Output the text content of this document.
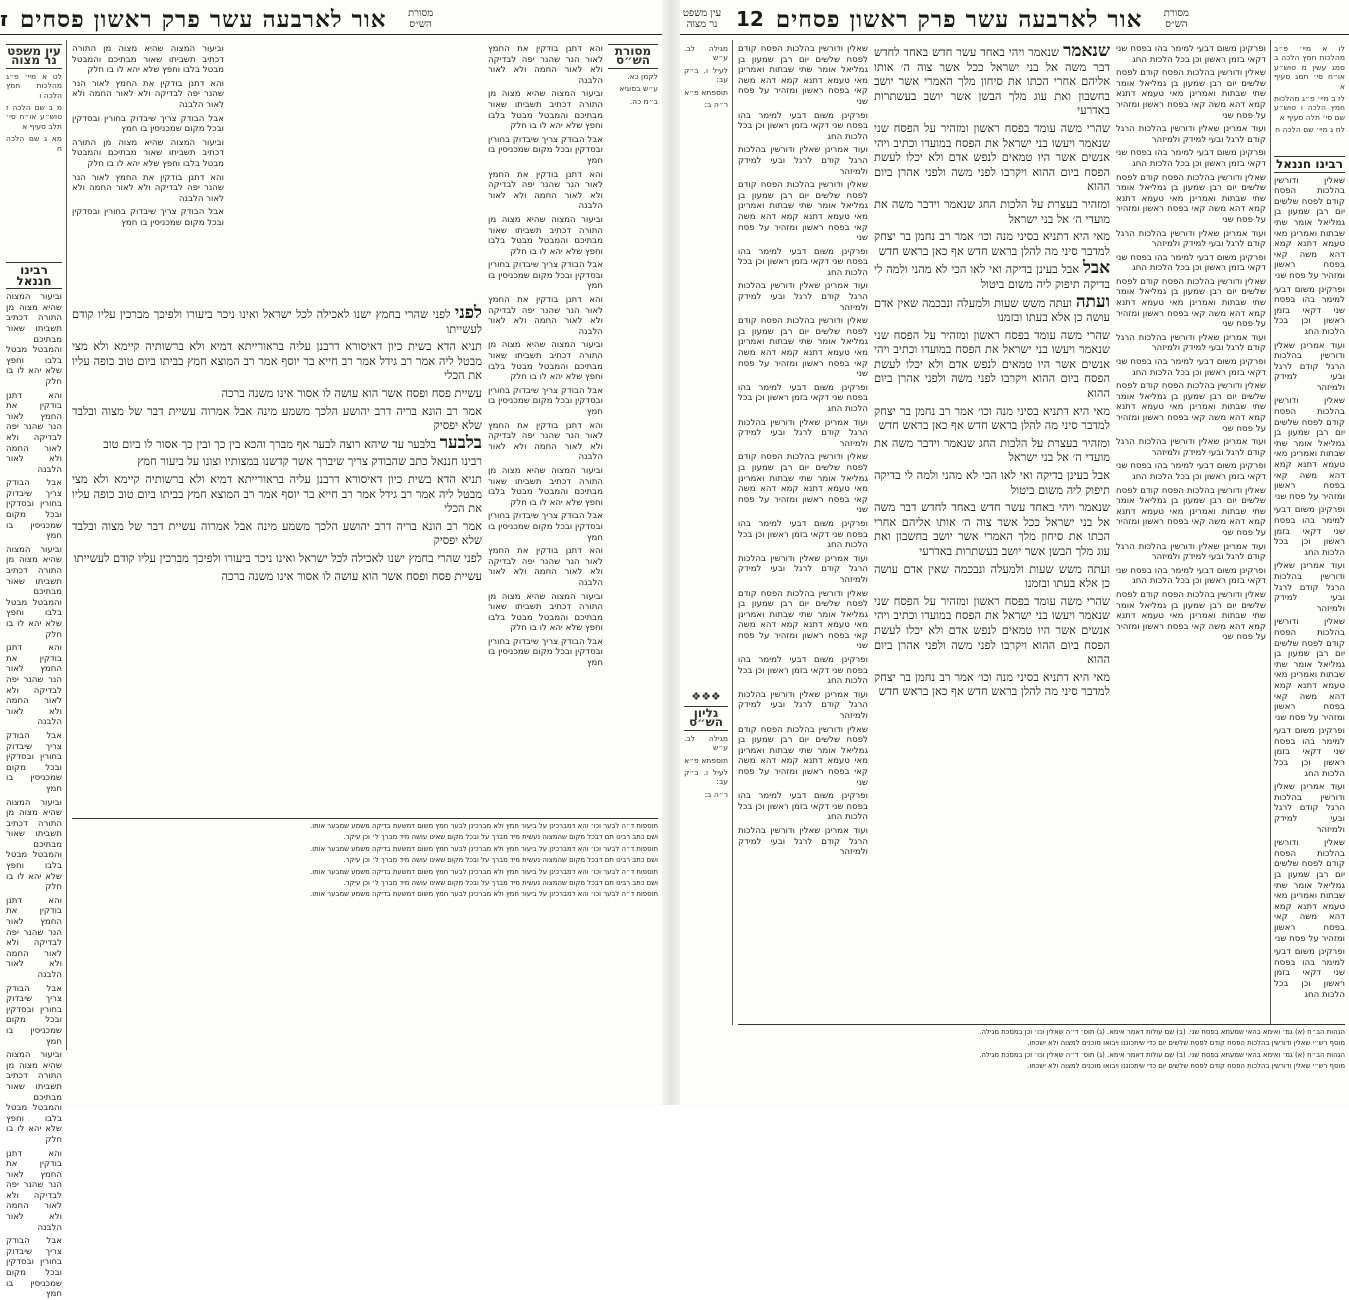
ז אור לארבעה עשר פרק ראשון פסחים	מסורת הש״ס

עין משפט נר מצוה

לט א מיי׳ פ״ג מהלכות חמץ הלכה ו

מ ב שם הלכה ז טוש״ע או״ח סי׳ תלב סעיף א

מא ג שם הלכה ח

רבינו חננאל

וביעור המצוה שהיא מצוה מן התורה דכתיב תשביתו שאור מבתיכם והמבטל מבטל בלבו וחפץ שלא יהא לו בו חלק

והא דתנן בודקין את החמץ לאור הנר שהנר יפה לבדיקה ולא לאור החמה ולא לאור הלבנה

אבל הבודק צריך שיבדוק בחורין ובסדקין ובכל מקום שמכניסין בו חמץ

וביעור המצוה שהיא מצוה מן התורה דכתיב תשביתו שאור מבתיכם והמבטל מבטל בלבו וחפץ שלא יהא לו בו חלק

והא דתנן בודקין את החמץ לאור הנר שהנר יפה לבדיקה ולא לאור החמה ולא לאור הלבנה

אבל הבודק צריך שיבדוק בחורין ובסדקין ובכל מקום שמכניסין בו חמץ

וביעור המצוה שהיא מצוה מן התורה דכתיב תשביתו שאור מבתיכם והמבטל מבטל בלבו וחפץ שלא יהא לו בו חלק

והא דתנן בודקין את החמץ לאור הנר שהנר יפה לבדיקה ולא לאור החמה ולא לאור הלבנה

אבל הבודק צריך שיבדוק בחורין ובסדקין ובכל מקום שמכניסין בו חמץ

וביעור המצוה שהיא מצוה מן התורה דכתיב תשביתו שאור מבתיכם והמבטל מבטל בלבו וחפץ שלא יהא לו בו חלק

והא דתנן בודקין את החמץ לאור הנר שהנר יפה לבדיקה ולא לאור החמה ולא לאור הלבנה

אבל הבודק צריך שיבדוק בחורין ובסדקין ובכל מקום שמכניסין בו חמץ

וביעור המצוה שהיא מצוה מן התורה דכתיב תשביתו שאור מבתיכם והמבטל מבטל בלבו וחפץ שלא יהא לו בו חלק

והא דתנן בודקין את החמץ לאור הנר שהנר יפה לבדיקה ולא לאור החמה ולא לאור הלבנה

אבל הבודק צריך שיבדוק בחורין ובסדקין ובכל מקום שמכניסין בו חמץ

וביעור המצוה שהיא מצוה מן התורה דכתיב תשביתו שאור מבתיכם והמבטל מבטל בלבו וחפץ שלא יהא לו בו חלק

והא דתנן בודקין את החמץ לאור הנר שהנר יפה לבדיקה ולא לאור החמה ולא לאור הלבנה

אבל הבודק צריך שיבדוק בחורין ובסדקין ובכל מקום שמכניסין בו חמץ

לפני לפני שהרי בחמץ ישנו לאכילה לכל ישראל ואינו ניכר ביעורו ולפיכך מברכין עליו קודם לעשייתו

תניא הדא בשית כיון דאיסורא דרבנן עליה בראורייתא דמיא ולא ברשותיה קיימא ולא מצי מבטל ליה אמר רב גידל אמר רב חייא בר יוסף אמר רב המוצא חמץ בביתו ביום טוב כופה עליו את הכלי

עשיית פסח ופסח אשר הוא עושה לו אסור אינו משנה ברכה

אמר רב הונא בריה דרב יהושע הלכך משמע מינה אבל אמרוה עשיית דבר של מצוה ובלבד שלא יפסיק

בלבער בלבער עד שיהא רוצה לבער אף מברך והכא בין כך ובין כך אסור לו ביום טוב

רבינו חננאל כתב שהבודק צריך שיברך אשר קדשנו במצותיו וצונו על ביעור חמץ

תניא הדא בשית כיון דאיסורא דרבנן עליה בראורייתא דמיא ולא ברשותיה קיימא ולא מצי מבטל ליה אמר רב גידל אמר רב חייא בר יוסף אמר רב המוצא חמץ בביתו ביום טוב כופה עליו את הכלי

אמר רב הונא בריה דרב יהושע הלכך משמע מינה אבל אמרוה עשיית דבר של מצוה ובלבד שלא יפסיק

לפני שהרי בחמץ ישנו לאכילה לכל ישראל ואינו ניכר ביעורו ולפיכך מברכין עליו קודם לעשייתו

עשיית פסח ופסח אשר הוא עושה לו אסור אינו משנה ברכה

והא דתנן בודקין את החמץ לאור הנר שהנר יפה לבדיקה ולא לאור החמה ולא לאור הלבנה

וביעור המצוה שהיא מצוה מן התורה דכתיב תשביתו שאור מבתיכם והמבטל מבטל בלבו וחפץ שלא יהא לו בו חלק

אבל הבודק צריך שיבדוק בחורין ובסדקין ובכל מקום שמכניסין בו חמץ

והא דתנן בודקין את החמץ לאור הנר שהנר יפה לבדיקה ולא לאור החמה ולא לאור הלבנה

וביעור המצוה שהיא מצוה מן התורה דכתיב תשביתו שאור מבתיכם והמבטל מבטל בלבו וחפץ שלא יהא לו בו חלק

אבל הבודק צריך שיבדוק בחורין ובסדקין ובכל מקום שמכניסין בו חמץ

והא דתנן בודקין את החמץ לאור הנר שהנר יפה לבדיקה ולא לאור החמה ולא לאור הלבנה

וביעור המצוה שהיא מצוה מן התורה דכתיב תשביתו שאור מבתיכם והמבטל מבטל בלבו וחפץ שלא יהא לו בו חלק

אבל הבודק צריך שיבדוק בחורין ובסדקין ובכל מקום שמכניסין בו חמץ

והא דתנן בודקין את החמץ לאור הנר שהנר יפה לבדיקה ולא לאור החמה ולא לאור הלבנה

וביעור המצוה שהיא מצוה מן התורה דכתיב תשביתו שאור מבתיכם והמבטל מבטל בלבו וחפץ שלא יהא לו בו חלק

אבל הבודק צריך שיבדוק בחורין ובסדקין ובכל מקום שמכניסין בו חמץ

והא דתנן בודקין את החמץ לאור הנר שהנר יפה לבדיקה ולא לאור החמה ולא לאור הלבנה

וביעור המצוה שהיא מצוה מן התורה דכתיב תשביתו שאור מבתיכם והמבטל מבטל בלבו וחפץ שלא יהא לו בו חלק

אבל הבודק צריך שיבדוק בחורין ובסדקין ובכל מקום שמכניסין בו חמץ

מסורת הש״ס

לקמן כא.

ע״ש בסוגיא

ב״מ כה.

תוספות ד״ה לבער וכו׳ והא דמברכינן על ביעור חמץ ולא מברכינן לבער חמץ משום דמשעת בדיקה משמע שמבער אותו.

ושם כתב רבינו תם דבכל מקום שהמצוה נעשית מיד מברך על ובכל מקום שאינו עושה מיד מברך ל׳ וכן עיקר.

תוספות ד״ה לבער וכו׳ והא דמברכינן על ביעור חמץ ולא מברכינן לבער חמץ משום דמשעת בדיקה משמע שמבער אותו.

ושם כתב רבינו תם דבכל מקום שהמצוה נעשית מיד מברך על ובכל מקום שאינו עושה מיד מברך ל׳ וכן עיקר.

תוספות ד״ה לבער וכו׳ והא דמברכינן על ביעור חמץ ולא מברכינן לבער חמץ משום דמשעת בדיקה משמע שמבער אותו.

ושם כתב רבינו תם דבכל מקום שהמצוה נעשית מיד מברך על ובכל מקום שאינו עושה מיד מברך ל׳ וכן עיקר.

תוספות ד״ה לבער וכו׳ והא דמברכינן על ביעור חמץ ולא מברכינן לבער חמץ משום דמשעת בדיקה משמע שמבער אותו.

עין משפט נר מצוה 12 אור לארבעה עשר פרק ראשון פסחים	מסורת הש״ס

מגילה לב. ע״ש

לעיל ו. ב״ק עב:

תוספתא פ״א

ר״ה ב:

❖❖❖

גליון הש״ס

מגילה לב. ע״ש

תוספתא פ״א

לעיל ו. ב״ק עב:

ר״ה ב:

שאלין ודורשין בהלכות הפסח קודם לפסח שלשים יום רבן שמעון בן גמליאל אומר שתי שבתות ואמרינן מאי טעמא דתנא קמא דהא משה קאי בפסח ראשון ומזהיר על פסח שני

ופרקינן משום דבעי למימר בהו בפסח שני דקאי בזמן ראשון וכן בכל הלכות החג

ועוד אמרינן שאלין ודורשין בהלכות הרגל קודם לרגל ובעי למידק ולמיזהר

שאלין ודורשין בהלכות הפסח קודם לפסח שלשים יום רבן שמעון בן גמליאל אומר שתי שבתות ואמרינן מאי טעמא דתנא קמא דהא משה קאי בפסח ראשון ומזהיר על פסח שני

ופרקינן משום דבעי למימר בהו בפסח שני דקאי בזמן ראשון וכן בכל הלכות החג

ועוד אמרינן שאלין ודורשין בהלכות הרגל קודם לרגל ובעי למידק ולמיזהר

שאלין ודורשין בהלכות הפסח קודם לפסח שלשים יום רבן שמעון בן גמליאל אומר שתי שבתות ואמרינן מאי טעמא דתנא קמא דהא משה קאי בפסח ראשון ומזהיר על פסח שני

ופרקינן משום דבעי למימר בהו בפסח שני דקאי בזמן ראשון וכן בכל הלכות החג

ועוד אמרינן שאלין ודורשין בהלכות הרגל קודם לרגל ובעי למידק ולמיזהר

שאלין ודורשין בהלכות הפסח קודם לפסח שלשים יום רבן שמעון בן גמליאל אומר שתי שבתות ואמרינן מאי טעמא דתנא קמא דהא משה קאי בפסח ראשון ומזהיר על פסח שני

ופרקינן משום דבעי למימר בהו בפסח שני דקאי בזמן ראשון וכן בכל הלכות החג

ועוד אמרינן שאלין ודורשין בהלכות הרגל קודם לרגל ובעי למידק ולמיזהר

שאלין ודורשין בהלכות הפסח קודם לפסח שלשים יום רבן שמעון בן גמליאל אומר שתי שבתות ואמרינן מאי טעמא דתנא קמא דהא משה קאי בפסח ראשון ומזהיר על פסח שני

ופרקינן משום דבעי למימר בהו בפסח שני דקאי בזמן ראשון וכן בכל הלכות החג

ועוד אמרינן שאלין ודורשין בהלכות הרגל קודם לרגל ובעי למידק ולמיזהר

שאלין ודורשין בהלכות הפסח קודם לפסח שלשים יום רבן שמעון בן גמליאל אומר שתי שבתות ואמרינן מאי טעמא דתנא קמא דהא משה קאי בפסח ראשון ומזהיר על פסח שני

ופרקינן משום דבעי למימר בהו בפסח שני דקאי בזמן ראשון וכן בכל הלכות החג

ועוד אמרינן שאלין ודורשין בהלכות הרגל קודם לרגל ובעי למידק ולמיזהר

שנאמר שנאמר ויהי באחד עשר חדש באחד לחדש דבר משה אל בני ישראל ככל אשר צוה ה׳ אותו אליהם אחרי הכתו את סיחון מלך האמרי אשר יושב בחשבון ואת עוג מלך הבשן אשר יושב בעשתרות באדרעי

שהרי משה עומד בפסח ראשון ומזהיר על הפסח שני שנאמר ויעשו בני ישראל את הפסח במועדו וכתיב ויהי אנשים אשר היו טמאים לנפש אדם ולא יכלו לעשת הפסח ביום ההוא ויקרבו לפני משה ולפני אהרן ביום ההוא

ומזהיר בעצרת על הלכות החג שנאמר וידבר משה את מועדי ה׳ אל בני ישראל

מאי היא דתניא בסיני מנה וכו׳ אמר רב נחמן בר יצחק למדבר סיני מה להלן בראש חדש אף כאן בראש חדש

אבל אבל בעינן בדיקה ואי לאו הכי לא מהני ולמה לי בדיקה תיפוק ליה משום ביטול

ועתה ועתה משש שעות ולמעלה ונבכמה שאין אדם עושה כן אלא בעתו ובזמנו

שהרי משה עומד בפסח ראשון ומזהיר על הפסח שני שנאמר ויעשו בני ישראל את הפסח במועדו וכתיב ויהי אנשים אשר היו טמאים לנפש אדם ולא יכלו לעשת הפסח ביום ההוא ויקרבו לפני משה ולפני אהרן ביום ההוא

מאי היא דתניא בסיני מנה וכו׳ אמר רב נחמן בר יצחק למדבר סיני מה להלן בראש חדש אף כאן בראש חדש

ומזהיר בעצרת על הלכות החג שנאמר וידבר משה את מועדי ה׳ אל בני ישראל

אבל בעינן בדיקה ואי לאו הכי לא מהני ולמה לי בדיקה תיפוק ליה משום ביטול

שנאמר ויהי באחד עשר חדש באחד לחדש דבר משה אל בני ישראל ככל אשר צוה ה׳ אותו אליהם אחרי הכתו את סיחון מלך האמרי אשר יושב בחשבון ואת עוג מלך הבשן אשר יושב בעשתרות באדרעי

ועתה משש שעות ולמעלה ונבכמה שאין אדם עושה כן אלא בעתו ובזמנו

שהרי משה עומד בפסח ראשון ומזהיר על הפסח שני שנאמר ויעשו בני ישראל את הפסח במועדו וכתיב ויהי אנשים אשר היו טמאים לנפש אדם ולא יכלו לעשת הפסח ביום ההוא ויקרבו לפני משה ולפני אהרן ביום ההוא

מאי היא דתניא בסיני מנה וכו׳ אמר רב נחמן בר יצחק למדבר סיני מה להלן בראש חדש אף כאן בראש חדש

ופרקינן משום דבעי למימר בהו בפסח שני דקאי בזמן ראשון וכן בכל הלכות החג

שאלין ודורשין בהלכות הפסח קודם לפסח שלשים יום רבן שמעון בן גמליאל אומר שתי שבתות ואמרינן מאי טעמא דתנא קמא דהא משה קאי בפסח ראשון ומזהיר על פסח שני

ועוד אמרינן שאלין ודורשין בהלכות הרגל קודם לרגל ובעי למידק ולמיזהר

ופרקינן משום דבעי למימר בהו בפסח שני דקאי בזמן ראשון וכן בכל הלכות החג

שאלין ודורשין בהלכות הפסח קודם לפסח שלשים יום רבן שמעון בן גמליאל אומר שתי שבתות ואמרינן מאי טעמא דתנא קמא דהא משה קאי בפסח ראשון ומזהיר על פסח שני

ועוד אמרינן שאלין ודורשין בהלכות הרגל קודם לרגל ובעי למידק ולמיזהר

ופרקינן משום דבעי למימר בהו בפסח שני דקאי בזמן ראשון וכן בכל הלכות החג

שאלין ודורשין בהלכות הפסח קודם לפסח שלשים יום רבן שמעון בן גמליאל אומר שתי שבתות ואמרינן מאי טעמא דתנא קמא דהא משה קאי בפסח ראשון ומזהיר על פסח שני

ועוד אמרינן שאלין ודורשין בהלכות הרגל קודם לרגל ובעי למידק ולמיזהר

ופרקינן משום דבעי למימר בהו בפסח שני דקאי בזמן ראשון וכן בכל הלכות החג

שאלין ודורשין בהלכות הפסח קודם לפסח שלשים יום רבן שמעון בן גמליאל אומר שתי שבתות ואמרינן מאי טעמא דתנא קמא דהא משה קאי בפסח ראשון ומזהיר על פסח שני

ועוד אמרינן שאלין ודורשין בהלכות הרגל קודם לרגל ובעי למידק ולמיזהר

ופרקינן משום דבעי למימר בהו בפסח שני דקאי בזמן ראשון וכן בכל הלכות החג

שאלין ודורשין בהלכות הפסח קודם לפסח שלשים יום רבן שמעון בן גמליאל אומר שתי שבתות ואמרינן מאי טעמא דתנא קמא דהא משה קאי בפסח ראשון ומזהיר על פסח שני

ועוד אמרינן שאלין ודורשין בהלכות הרגל קודם לרגל ובעי למידק ולמיזהר

ופרקינן משום דבעי למימר בהו בפסח שני דקאי בזמן ראשון וכן בכל הלכות החג

שאלין ודורשין בהלכות הפסח קודם לפסח שלשים יום רבן שמעון בן גמליאל אומר שתי שבתות ואמרינן מאי טעמא דתנא קמא דהא משה קאי בפסח ראשון ומזהיר על פסח שני

לו א מיי׳ פ״ב מהלכות חמץ הלכה ב סמג עשין מ טוש״ע או״ח סי׳ תמג סעיף א

לז ב מיי׳ פ״ג מהלכות חמץ הלכה ו טוש״ע שם סי׳ תלה סעיף א

לח ג מיי׳ שם הלכה ח

רבינו חננאל

שאלין ודורשין בהלכות הפסח קודם לפסח שלשים יום רבן שמעון בן גמליאל אומר שתי שבתות ואמרינן מאי טעמא דתנא קמא דהא משה קאי בפסח ראשון ומזהיר על פסח שני

ופרקינן משום דבעי למימר בהו בפסח שני דקאי בזמן ראשון וכן בכל הלכות החג

ועוד אמרינן שאלין ודורשין בהלכות הרגל קודם לרגל ובעי למידק ולמיזהר

שאלין ודורשין בהלכות הפסח קודם לפסח שלשים יום רבן שמעון בן גמליאל אומר שתי שבתות ואמרינן מאי טעמא דתנא קמא דהא משה קאי בפסח ראשון ומזהיר על פסח שני

ופרקינן משום דבעי למימר בהו בפסח שני דקאי בזמן ראשון וכן בכל הלכות החג

ועוד אמרינן שאלין ודורשין בהלכות הרגל קודם לרגל ובעי למידק ולמיזהר

שאלין ודורשין בהלכות הפסח קודם לפסח שלשים יום רבן שמעון בן גמליאל אומר שתי שבתות ואמרינן מאי טעמא דתנא קמא דהא משה קאי בפסח ראשון ומזהיר על פסח שני

ופרקינן משום דבעי למימר בהו בפסח שני דקאי בזמן ראשון וכן בכל הלכות החג

ועוד אמרינן שאלין ודורשין בהלכות הרגל קודם לרגל ובעי למידק ולמיזהר

שאלין ודורשין בהלכות הפסח קודם לפסח שלשים יום רבן שמעון בן גמליאל אומר שתי שבתות ואמרינן מאי טעמא דתנא קמא דהא משה קאי בפסח ראשון ומזהיר על פסח שני

ופרקינן משום דבעי למימר בהו בפסח שני דקאי בזמן ראשון וכן בכל הלכות החג

הגהות הב״ח (א) גמ׳ ואימא בהאי שמעתא בפסח שני. (ב) שם עולות דאמר אימא. (ג) תוס׳ ד״ה שאלין וכו׳ וכן במסכת מגילה.

מוסף רש״י שאלין ודורשין בהלכות הפסח קודם לפסח שלשים יום כדי שיתכוננו ויבואו מוכנים למצוה ולא ישכחו.

הגהות הב״ח (א) גמ׳ ואימא בהאי שמעתא בפסח שני. (ב) שם עולות דאמר אימא. (ג) תוס׳ ד״ה שאלין וכו׳ וכן במסכת מגילה.

מוסף רש״י שאלין ודורשין בהלכות הפסח קודם לפסח שלשים יום כדי שיתכוננו ויבואו מוכנים למצוה ולא ישכחו.
